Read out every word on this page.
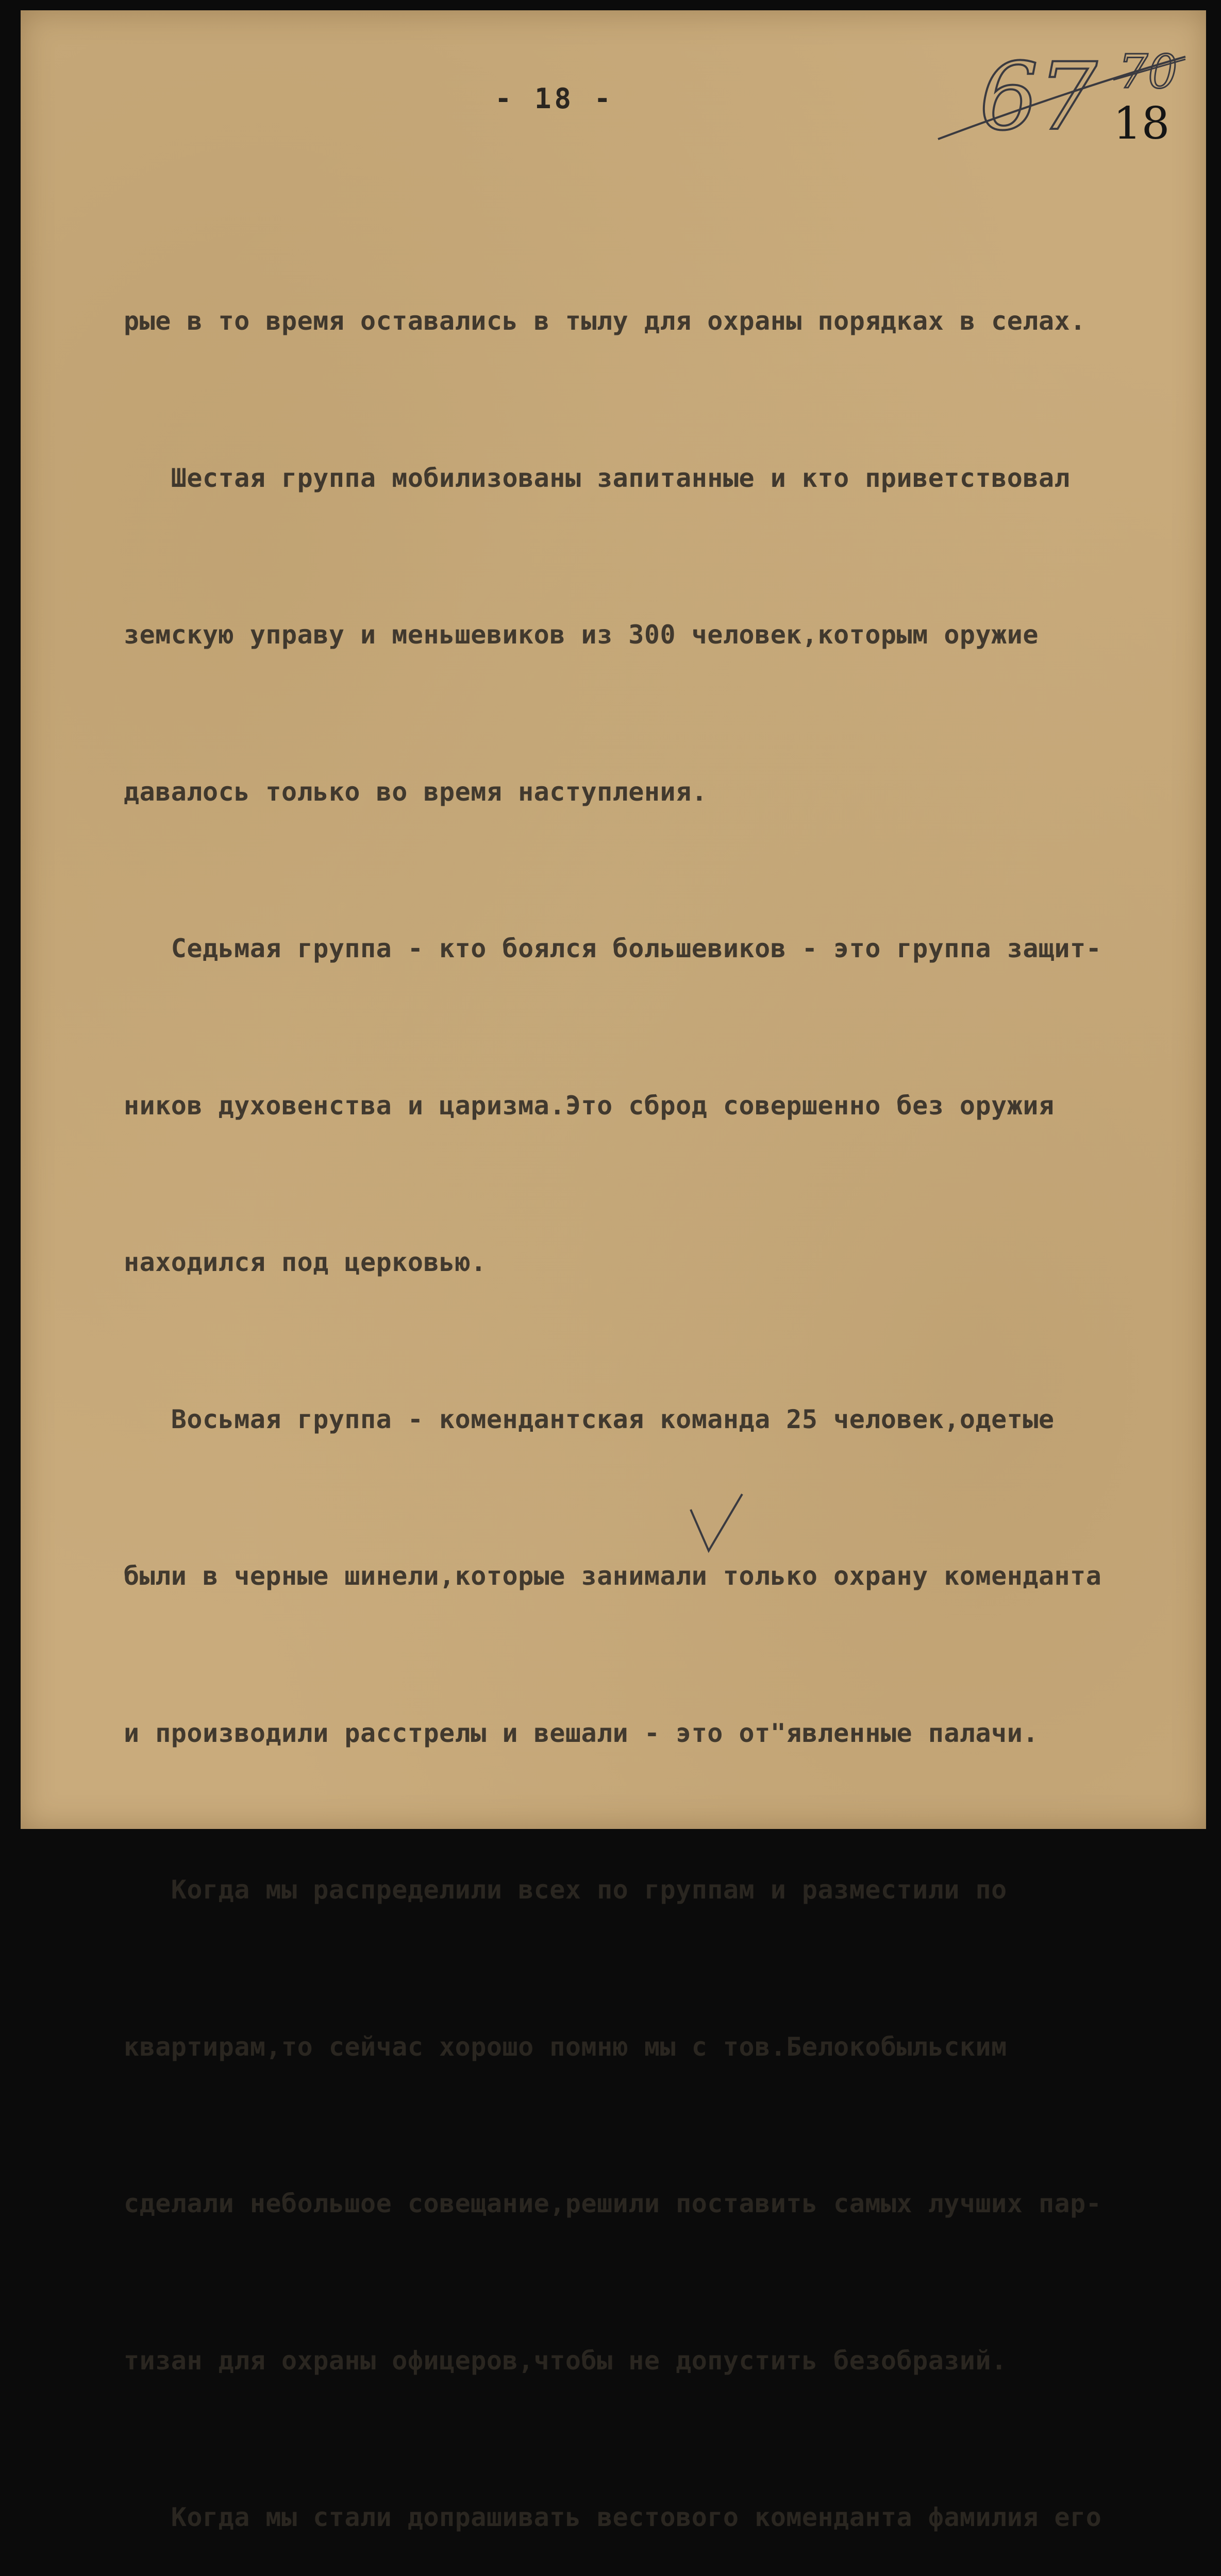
67 70
- 18 -	18

рые в то время оставались в тылу для охраны порядках в селах.

Шестая группа мобилизованы запитанные и кто приветствовал

земскую управу и меньшевиков из 300 человек,которым оружие

давалось только во время наступления.

Седьмая группа - кто боялся большевиков - это группа защит-

ников духовенства и царизма.Это сброд совершенно без оружия

находился под церковью.

Восьмая группа - комендантская команда 25 человек,одетые

были в черные шинели,которые занимали только охрану коменданта

и производили расстрелы и вешали - это от"явленные палачи.

Когда мы распределили всех по группам и разместили по

квартирам,то сейчас хорошо помню мы с тов.Белокобыльским

сделали небольшое совещание,решили поставить самых лучших пар-

тизан для охраны офицеров,чтобы не допустить безобразий.

Когда мы стали допрашивать вестового коменданта фамилия его
